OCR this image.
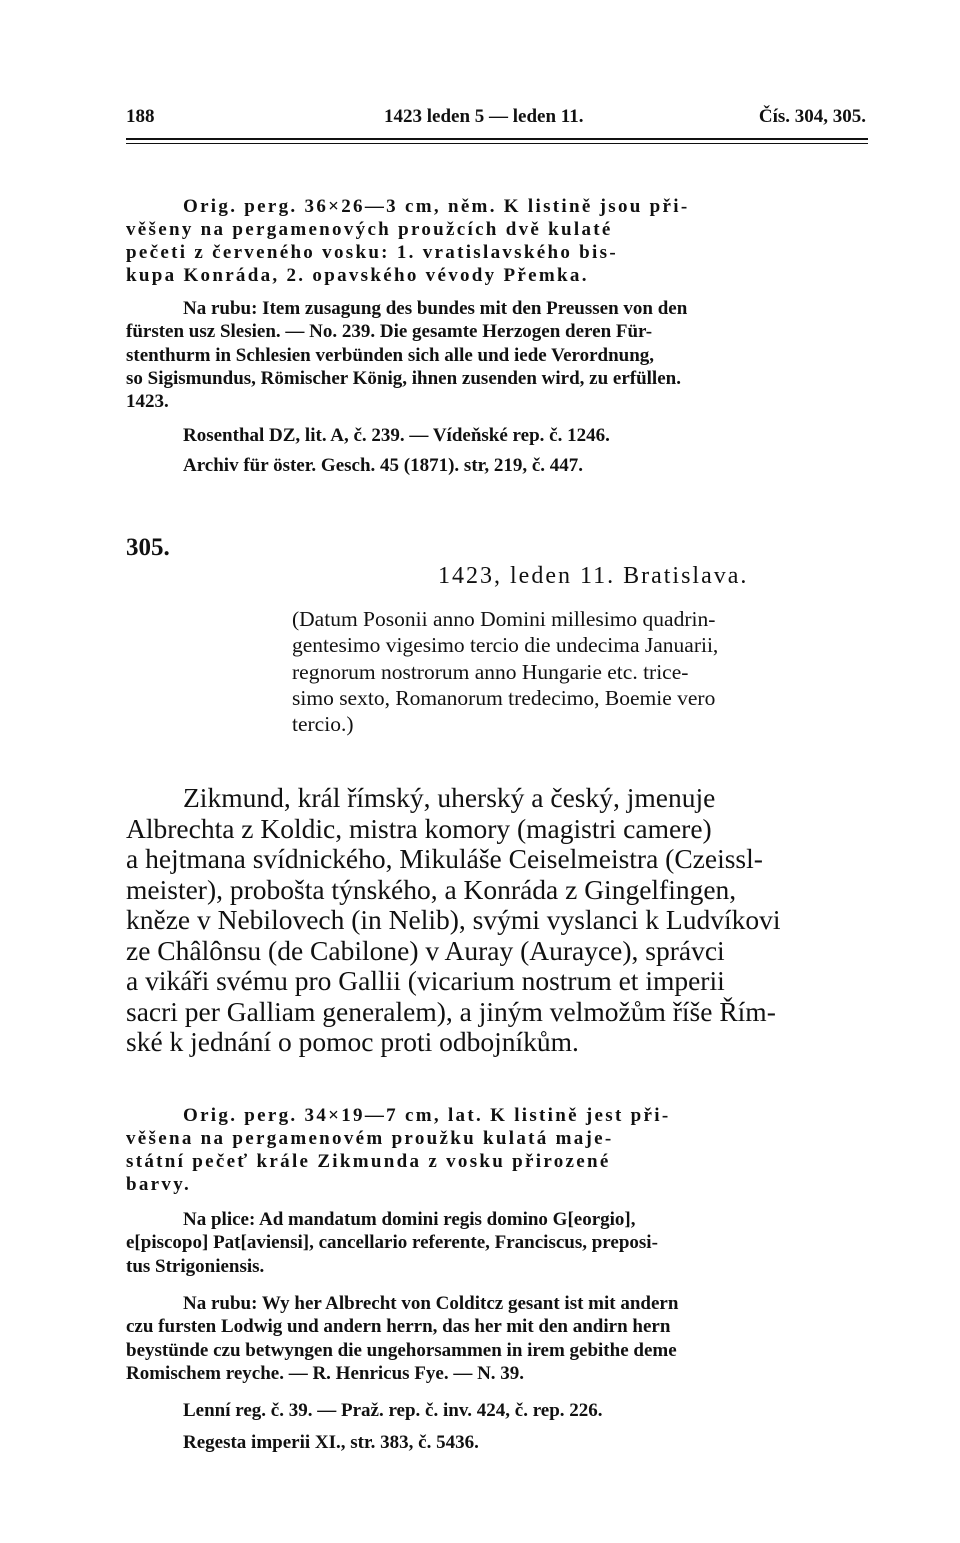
188	1423 leden 5 — leden 11.	Čís. 304, 305.
Orig. perg. 36×26—3 cm, něm. K listině jsou při-
věšeny na pergamenových proužcích dvě kulaté
pečeti z červeného vosku: 1. vratislavského bis-
kupa Konráda, 2. opavského vévody Přemka.
Na rubu: Item zusagung des bundes mit den Preussen von den
fürsten usz Slesien. — No. 239. Die gesamte Herzogen deren Für-
stenthurm in Schlesien verbünden sich alle und iede Verordnung,
so Sigismundus, Römischer König, ihnen zusenden wird, zu erfüllen.
1423.
Rosenthal DZ, lit. A, č. 239. — Vídeňské rep. č. 1246.
Archiv für öster. Gesch. 45 (1871). str, 219, č. 447.
305.
1423, leden 11. Bratislava.
(Datum Posonii anno Domini millesimo quadrin-
gentesimo vigesimo tercio die undecima Januarii,
regnorum nostrorum anno Hungarie etc. trice-
simo sexto, Romanorum tredecimo, Boemie vero
tercio.)
Zikmund, král římský, uherský a český, jmenuje
Albrechta z Koldic, mistra komory (magistri camere)
a hejtmana svídnického, Mikuláše Ceiselmeistra (Czeissl-
meister), probošta týnského, a Konráda z Gingelfingen,
kněze v Nebilovech (in Nelib), svými vyslanci k Ludvíkovi
ze Châlônsu (de Cabilone) v Auray (Aurayce), správci
a vikáři svému pro Gallii (vicarium nostrum et imperii
sacri per Galliam generalem), a jiným velmožům říše Řím-
ské k jednání o pomoc proti odbojníkům.
Orig. perg. 34×19—7 cm, lat. K listině jest při-
věšena na pergamenovém proužku kulatá maje-
státní pečeť krále Zikmunda z vosku přirozené
barvy.
Na plice: Ad mandatum domini regis domino G[eorgio],
e[piscopo] Pat[aviensi], cancellario referente, Franciscus, preposi-
tus Strigoniensis.
Na rubu: Wy her Albrecht von Colditcz gesant ist mit andern
czu fursten Lodwig und andern herrn, das her mit den andirn hern
beystünde czu betwyngen die ungehorsammen in irem gebithe deme
Romischem reyche. — R. Henricus Fye. — N. 39.
Lenní reg. č. 39. — Praž. rep. č. inv. 424, č. rep. 226.
Regesta imperii XI., str. 383, č. 5436.
